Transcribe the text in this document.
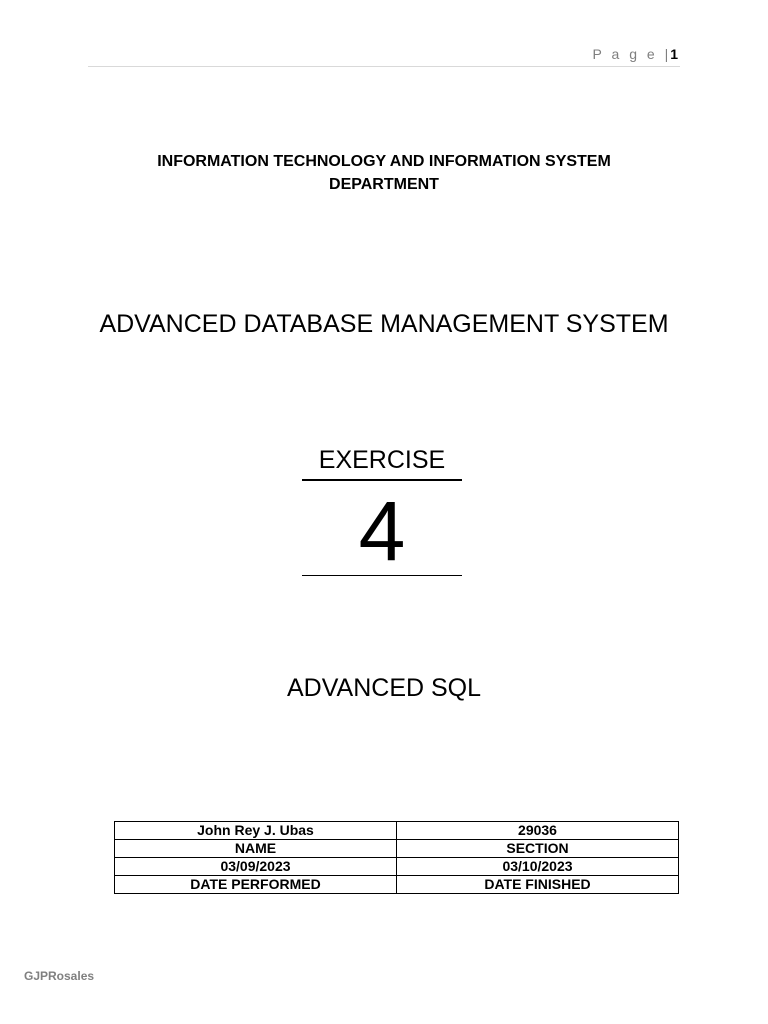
P a g e | 1
INFORMATION TECHNOLOGY AND INFORMATION SYSTEM
DEPARTMENT
ADVANCED DATABASE MANAGEMENT SYSTEM
EXERCISE
4
ADVANCED SQL
John Rey J. Ubas	29036
NAME	SECTION
03/09/2023	03/10/2023
DATE PERFORMED	DATE FINISHED
GJPRosales
